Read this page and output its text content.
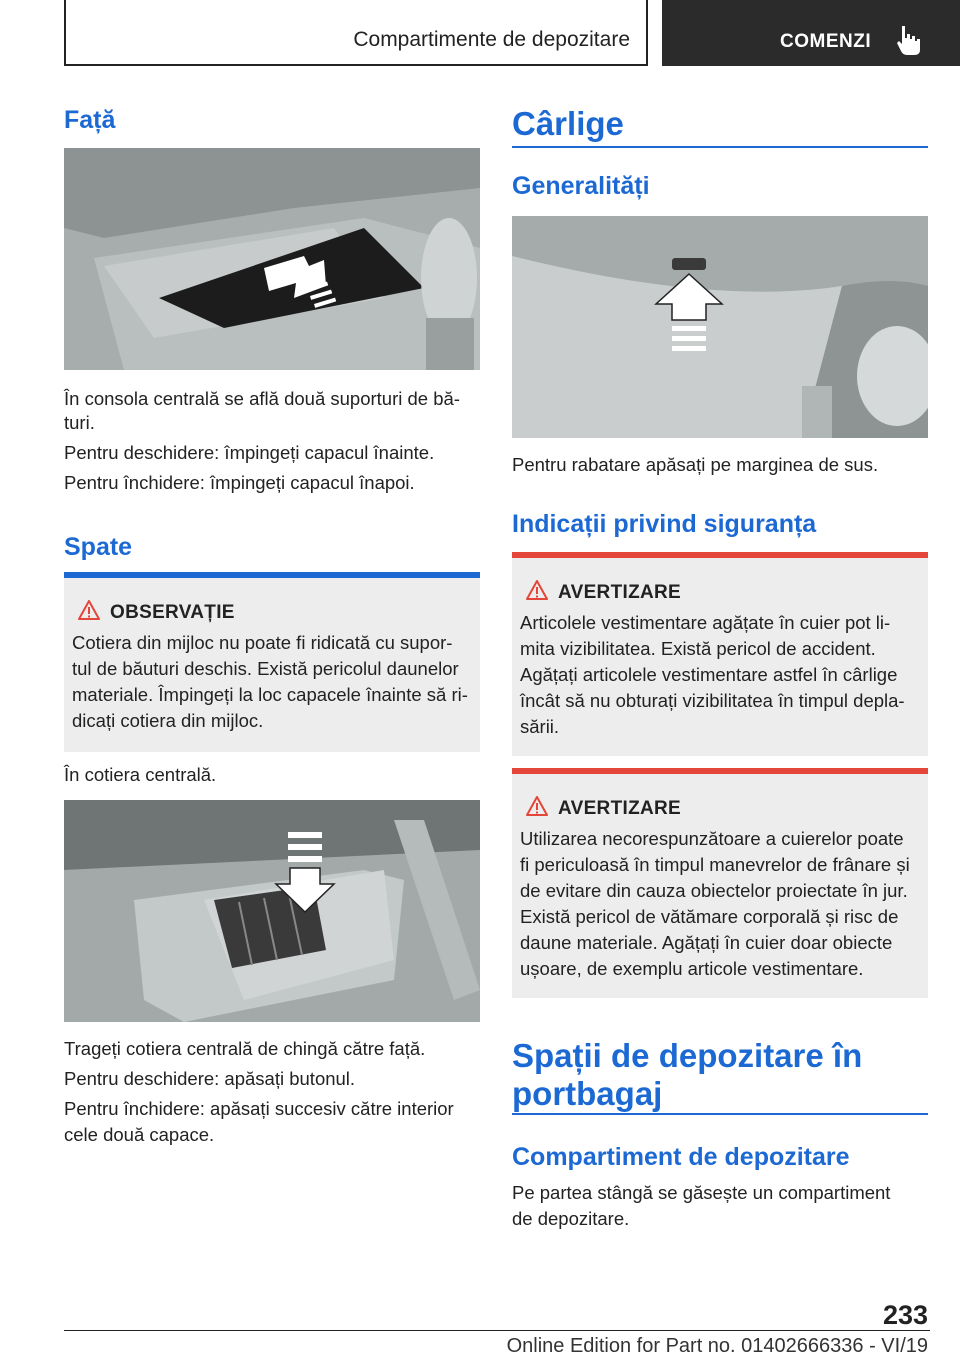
Compartimente de depozitare	COMENZI
Față
În consola centrală se află două suporturi de bă‐
turi.
Pentru deschidere: împingeți capacul înainte.
Pentru închidere: împingeți capacul înapoi.
Spate
OBSERVAȚIE
Cotiera din mijloc nu poate fi ridicată cu supor‐
tul de băuturi deschis. Există pericolul daunelor
materiale. Împingeți la loc capacele înainte să ri‐
dicați cotiera din mijloc.
În cotiera centrală.
Trageți cotiera centrală de chingă către față.
Pentru deschidere: apăsați butonul.
Pentru închidere: apăsați succesiv către interior
cele două capace.
Cârlige
Generalități
Pentru rabatare apăsați pe marginea de sus.
Indicații privind siguranța
AVERTIZARE
Articolele vestimentare agățate în cuier pot li‐
mita vizibilitatea. Există pericol de accident.
Agățați articolele vestimentare astfel în cârlige
încât să nu obturați vizibilitatea în timpul depla‐
sării.
AVERTIZARE
Utilizarea necorespunzătoare a cuierelor poate
fi periculoasă în timpul manevrelor de frânare și
de evitare din cauza obiectelor proiectate în jur.
Există pericol de vătămare corporală și risc de
daune materiale. Agățați în cuier doar obiecte
ușoare, de exemplu articole vestimentare.
Spații de depozitare în
portbagaj
Compartiment de depozitare
Pe partea stângă se găsește un compartiment
de depozitare.
233
Online Edition for Part no. 01402666336 - VI/19
